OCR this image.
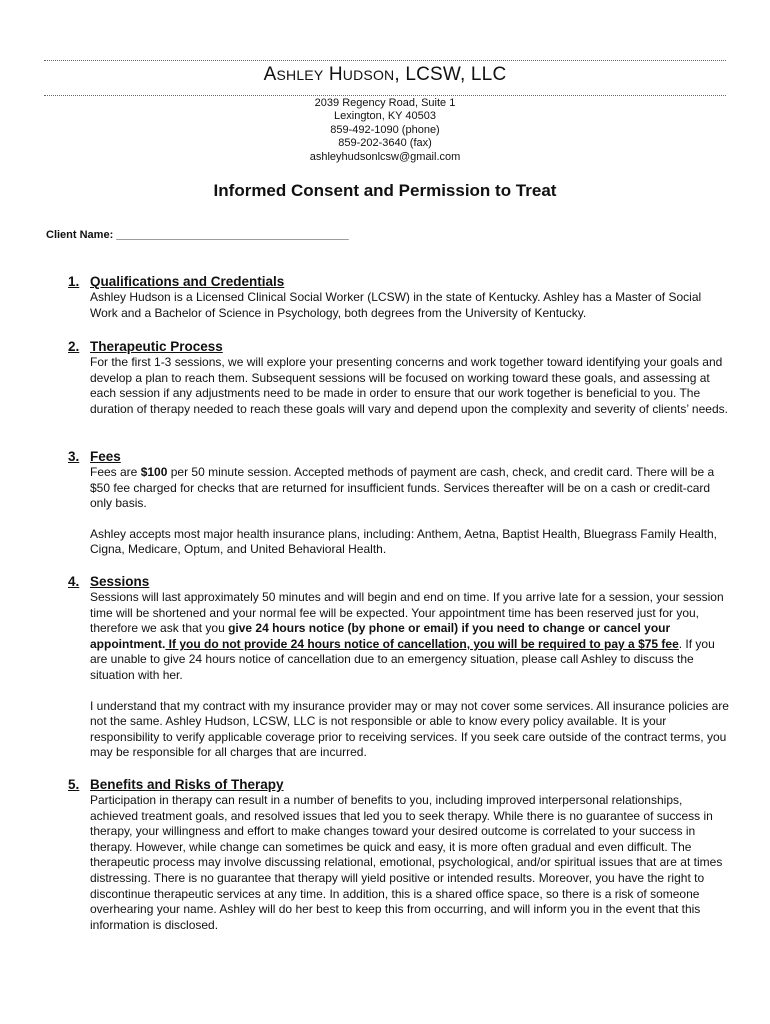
ASHLEY HUDSON, LCSW, LLC
2039 Regency Road, Suite 1
Lexington, KY 40503
859-492-1090 (phone)
859-202-3640 (fax)
ashleyhudsonlcsw@gmail.com
Informed Consent and Permission to Treat
Client Name: ______________________________________
1. Qualifications and Credentials

Ashley Hudson is a Licensed Clinical Social Worker (LCSW) in the state of Kentucky. Ashley has a Master of Social Work and a Bachelor of Science in Psychology, both degrees from the University of Kentucky.

2. Therapeutic Process

For the first 1-3 sessions, we will explore your presenting concerns and work together toward identifying your goals and develop a plan to reach them. Subsequent sessions will be focused on working toward these goals, and assessing at each session if any adjustments need to be made in order to ensure that our work together is beneficial to you. The duration of therapy needed to reach these goals will vary and depend upon the complexity and severity of clients’ needs.

3. Fees

Fees are $100 per 50 minute session. Accepted methods of payment are cash, check, and credit card. There will be a $50 fee charged for checks that are returned for insufficient funds. Services thereafter will be on a cash or credit-card only basis.

Ashley accepts most major health insurance plans, including: Anthem, Aetna, Baptist Health, Bluegrass Family Health, Cigna, Medicare, Optum, and United Behavioral Health.

4. Sessions

Sessions will last approximately 50 minutes and will begin and end on time. If you arrive late for a session, your session time will be shortened and your normal fee will be expected. Your appointment time has been reserved just for you, therefore we ask that you give 24 hours notice (by phone or email) if you need to change or cancel your appointment. If you do not provide 24 hours notice of cancellation, you will be required to pay a $75 fee. If you are unable to give 24 hours notice of cancellation due to an emergency situation, please call Ashley to discuss the situation with her.

I understand that my contract with my insurance provider may or may not cover some services. All insurance policies are not the same. Ashley Hudson, LCSW, LLC is not responsible or able to know every policy available. It is your responsibility to verify applicable coverage prior to receiving services. If you seek care outside of the contract terms, you may be responsible for all charges that are incurred.

5. Benefits and Risks of Therapy

Participation in therapy can result in a number of benefits to you, including improved interpersonal relationships, achieved treatment goals, and resolved issues that led you to seek therapy. While there is no guarantee of success in therapy, your willingness and effort to make changes toward your desired outcome is correlated to your success in therapy. However, while change can sometimes be quick and easy, it is more often gradual and even difficult. The therapeutic process may involve discussing relational, emotional, psychological, and/or spiritual issues that are at times distressing. There is no guarantee that therapy will yield positive or intended results. Moreover, you have the right to discontinue therapeutic services at any time. In addition, this is a shared office space, so there is a risk of someone overhearing your name. Ashley will do her best to keep this from occurring, and will inform you in the event that this information is disclosed.
